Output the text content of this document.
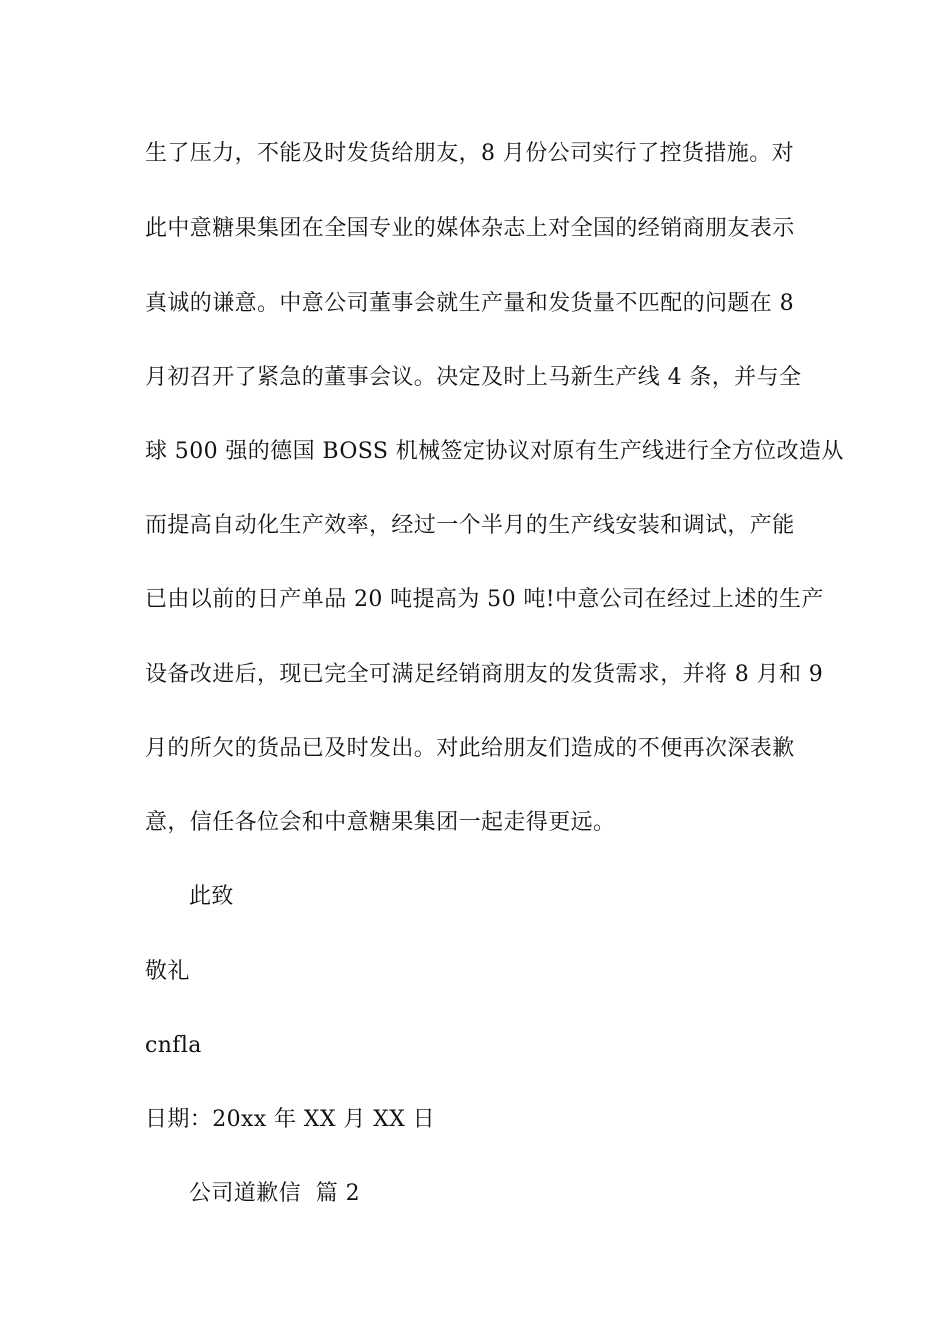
生了压力，不能及时发货给朋友，8 月份公司实行了控货措施。对
此中意糖果集团在全国专业的媒体杂志上对全国的经销商朋友表示
真诚的谦意。中意公司董事会就生产量和发货量不匹配的问题在 8
月初召开了紧急的董事会议。决定及时上马新生产线 4 条，并与全
球 500 强的德国 BOSS 机械签定协议对原有生产线进行全方位改造从
而提高自动化生产效率，经过一个半月的生产线安装和调试，产能
已由以前的日产单品 20 吨提高为 50 吨!中意公司在经过上述的生产
设备改进后，现已完全可满足经销商朋友的发货需求，并将 8 月和 9
月的所欠的货品已及时发出。对此给朋友们造成的不便再次深表歉
意，信任各位会和中意糖果集团一起走得更远。
此致
敬礼
cnfla
日期：20xx 年 XX 月 XX 日
公司道歉信  篇 2
